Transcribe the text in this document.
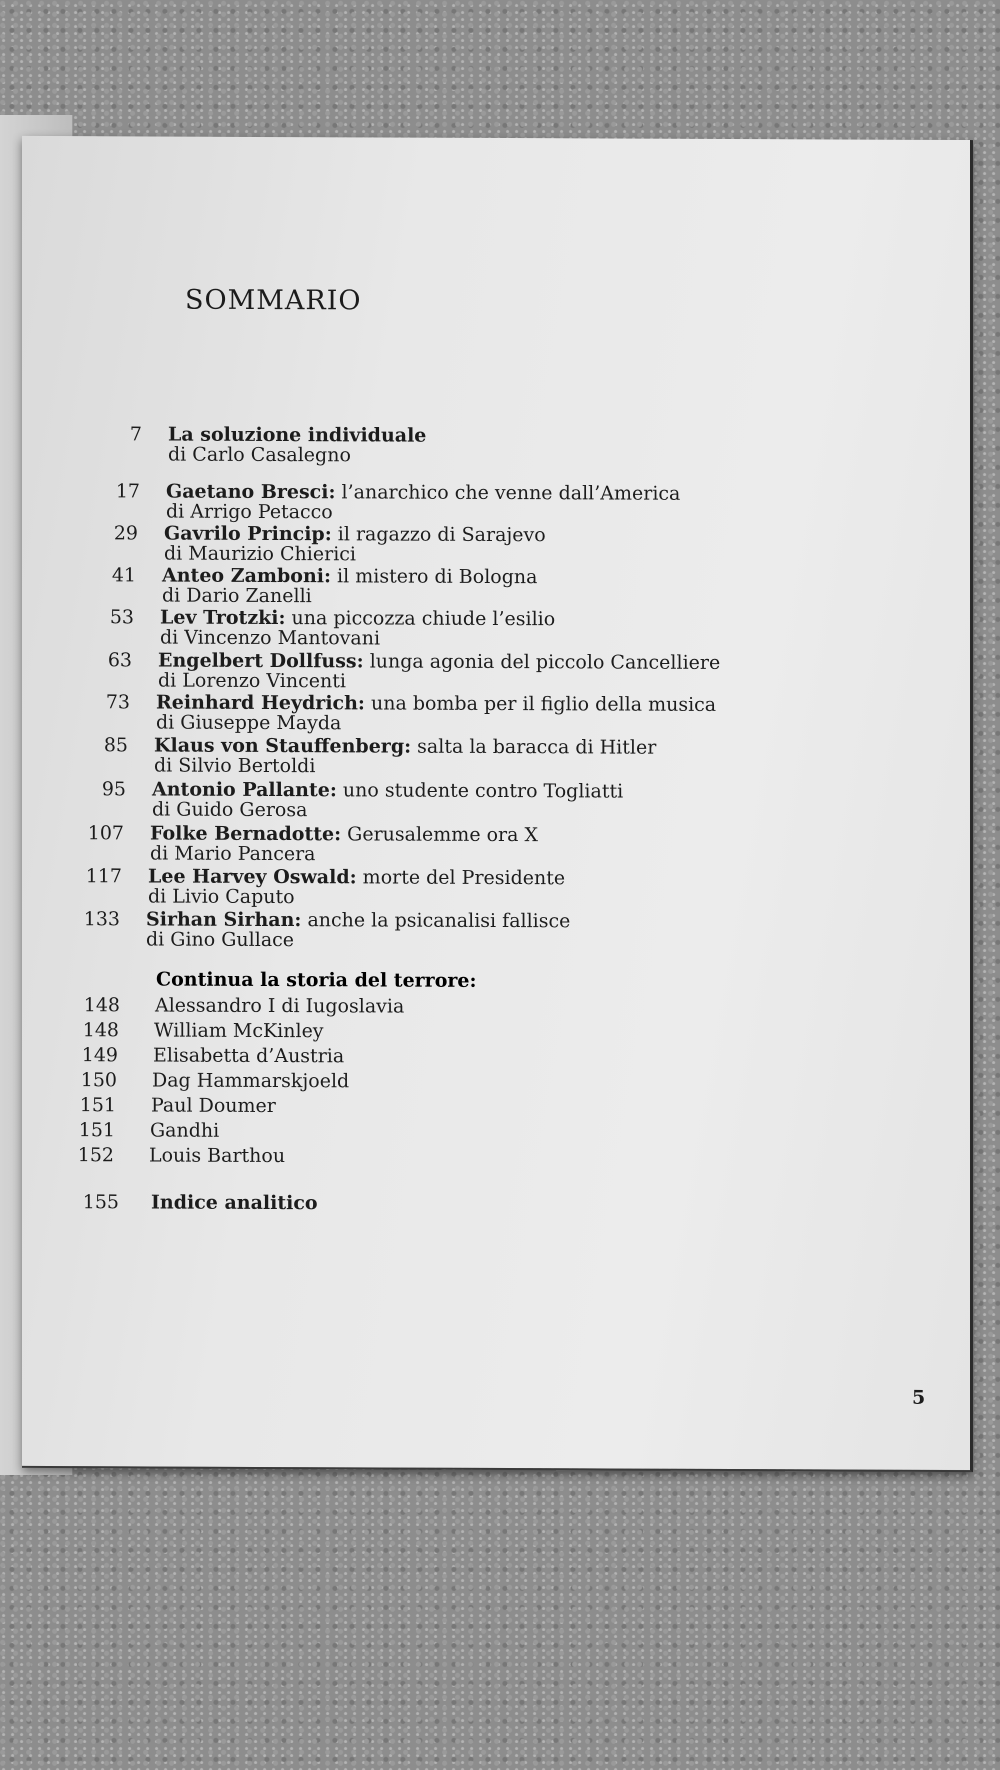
SOMMARIO
7 La soluzione individuale
di Carlo Casalegno
17 Gaetano Bresci: l’anarchico che venne dall’America
di Arrigo Petacco
29 Gavrilo Princip: il ragazzo di Sarajevo
di Maurizio Chierici
41 Anteo Zamboni: il mistero di Bologna
di Dario Zanelli
53 Lev Trotzki: una piccozza chiude l’esilio
di Vincenzo Mantovani
63 Engelbert Dollfuss: lunga agonia del piccolo Cancelliere
di Lorenzo Vincenti
73 Reinhard Heydrich: una bomba per il figlio della musica
di Giuseppe Mayda
85 Klaus von Stauffenberg: salta la baracca di Hitler
di Silvio Bertoldi
95 Antonio Pallante: uno studente contro Togliatti
di Guido Gerosa
107 Folke Bernadotte: Gerusalemme ora X
di Mario Pancera
117 Lee Harvey Oswald: morte del Presidente
di Livio Caputo
133 Sirhan Sirhan: anche la psicanalisi fallisce
di Gino Gullace
Continua la storia del terrore:
148 Alessandro I di Iugoslavia
148 William McKinley
149 Elisabetta d’Austria
150 Dag Hammarskjoeld
151 Paul Doumer
151 Gandhi
152 Louis Barthou
155 Indice analitico
5
